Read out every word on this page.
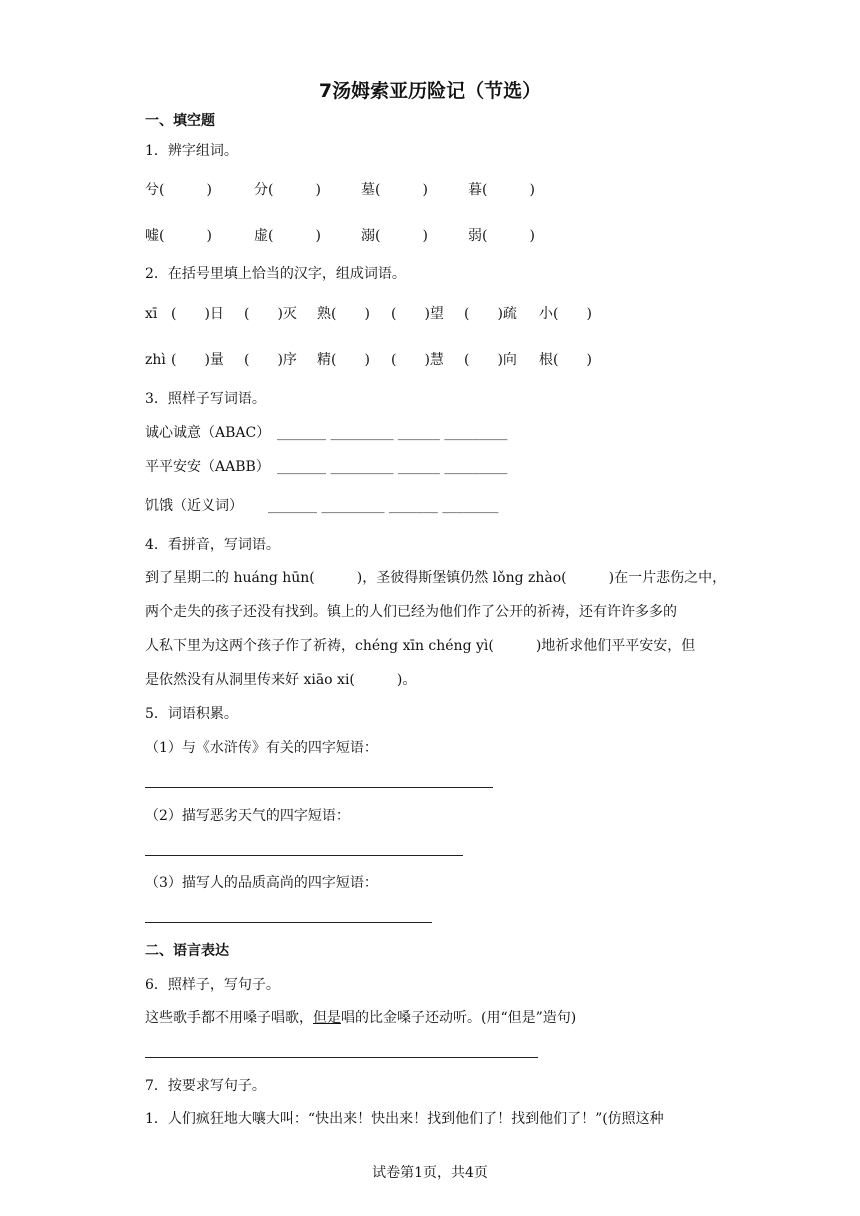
7汤姆索亚历险记（节选）
一、填空题
1．辨字组词。
兮(　　　)	分(　　　)	墓(　　　)	暮(　　　)
嘘(　　　)	虚(　　　)	溺(　　　)	弱(　　　)
2．在括号里填上恰当的汉字，组成词语。
xī (　　)日 (　　)灭 熟(　　) (　　)望 (　　)疏 小(　　)
zhì (　　)量 (　　)序 精(　　) (　　)慧 (　　)向 根(　　)
3．照样子写词语。
诚心诚意（ABAC） _______ _________ ______ _________
平平安安（AABB） _______ _________ ______ _________
饥饿（近义词） _______ _________ _______ ________
4．看拼音，写词语。
到了星期二的 huáng hūn(　　　)，圣彼得斯堡镇仍然 lǒng zhào(　　　)在一片悲伤之中，
两个走失的孩子还没有找到。镇上的人们已经为他们作了公开的祈祷，还有许许多多的
人私下里为这两个孩子作了祈祷，chéng xīn chéng yì(　　　)地祈求他们平平安安，但
是依然没有从洞里传来好 xiāo xi(　　　)。
5．词语积累。
（1）与《水浒传》有关的四字短语：
（2）描写恶劣天气的四字短语：
（3）描写人的品质高尚的四字短语：
二、语言表达
6．照样子，写句子。
这些歌手都不用嗓子唱歌，但是唱的比金嗓子还动听。(用“但是”造句)
7．按要求写句子。
1．人们疯狂地大嚷大叫：“快出来！快出来！找到他们了！找到他们了！”(仿照这种
试卷第1页，共4页
